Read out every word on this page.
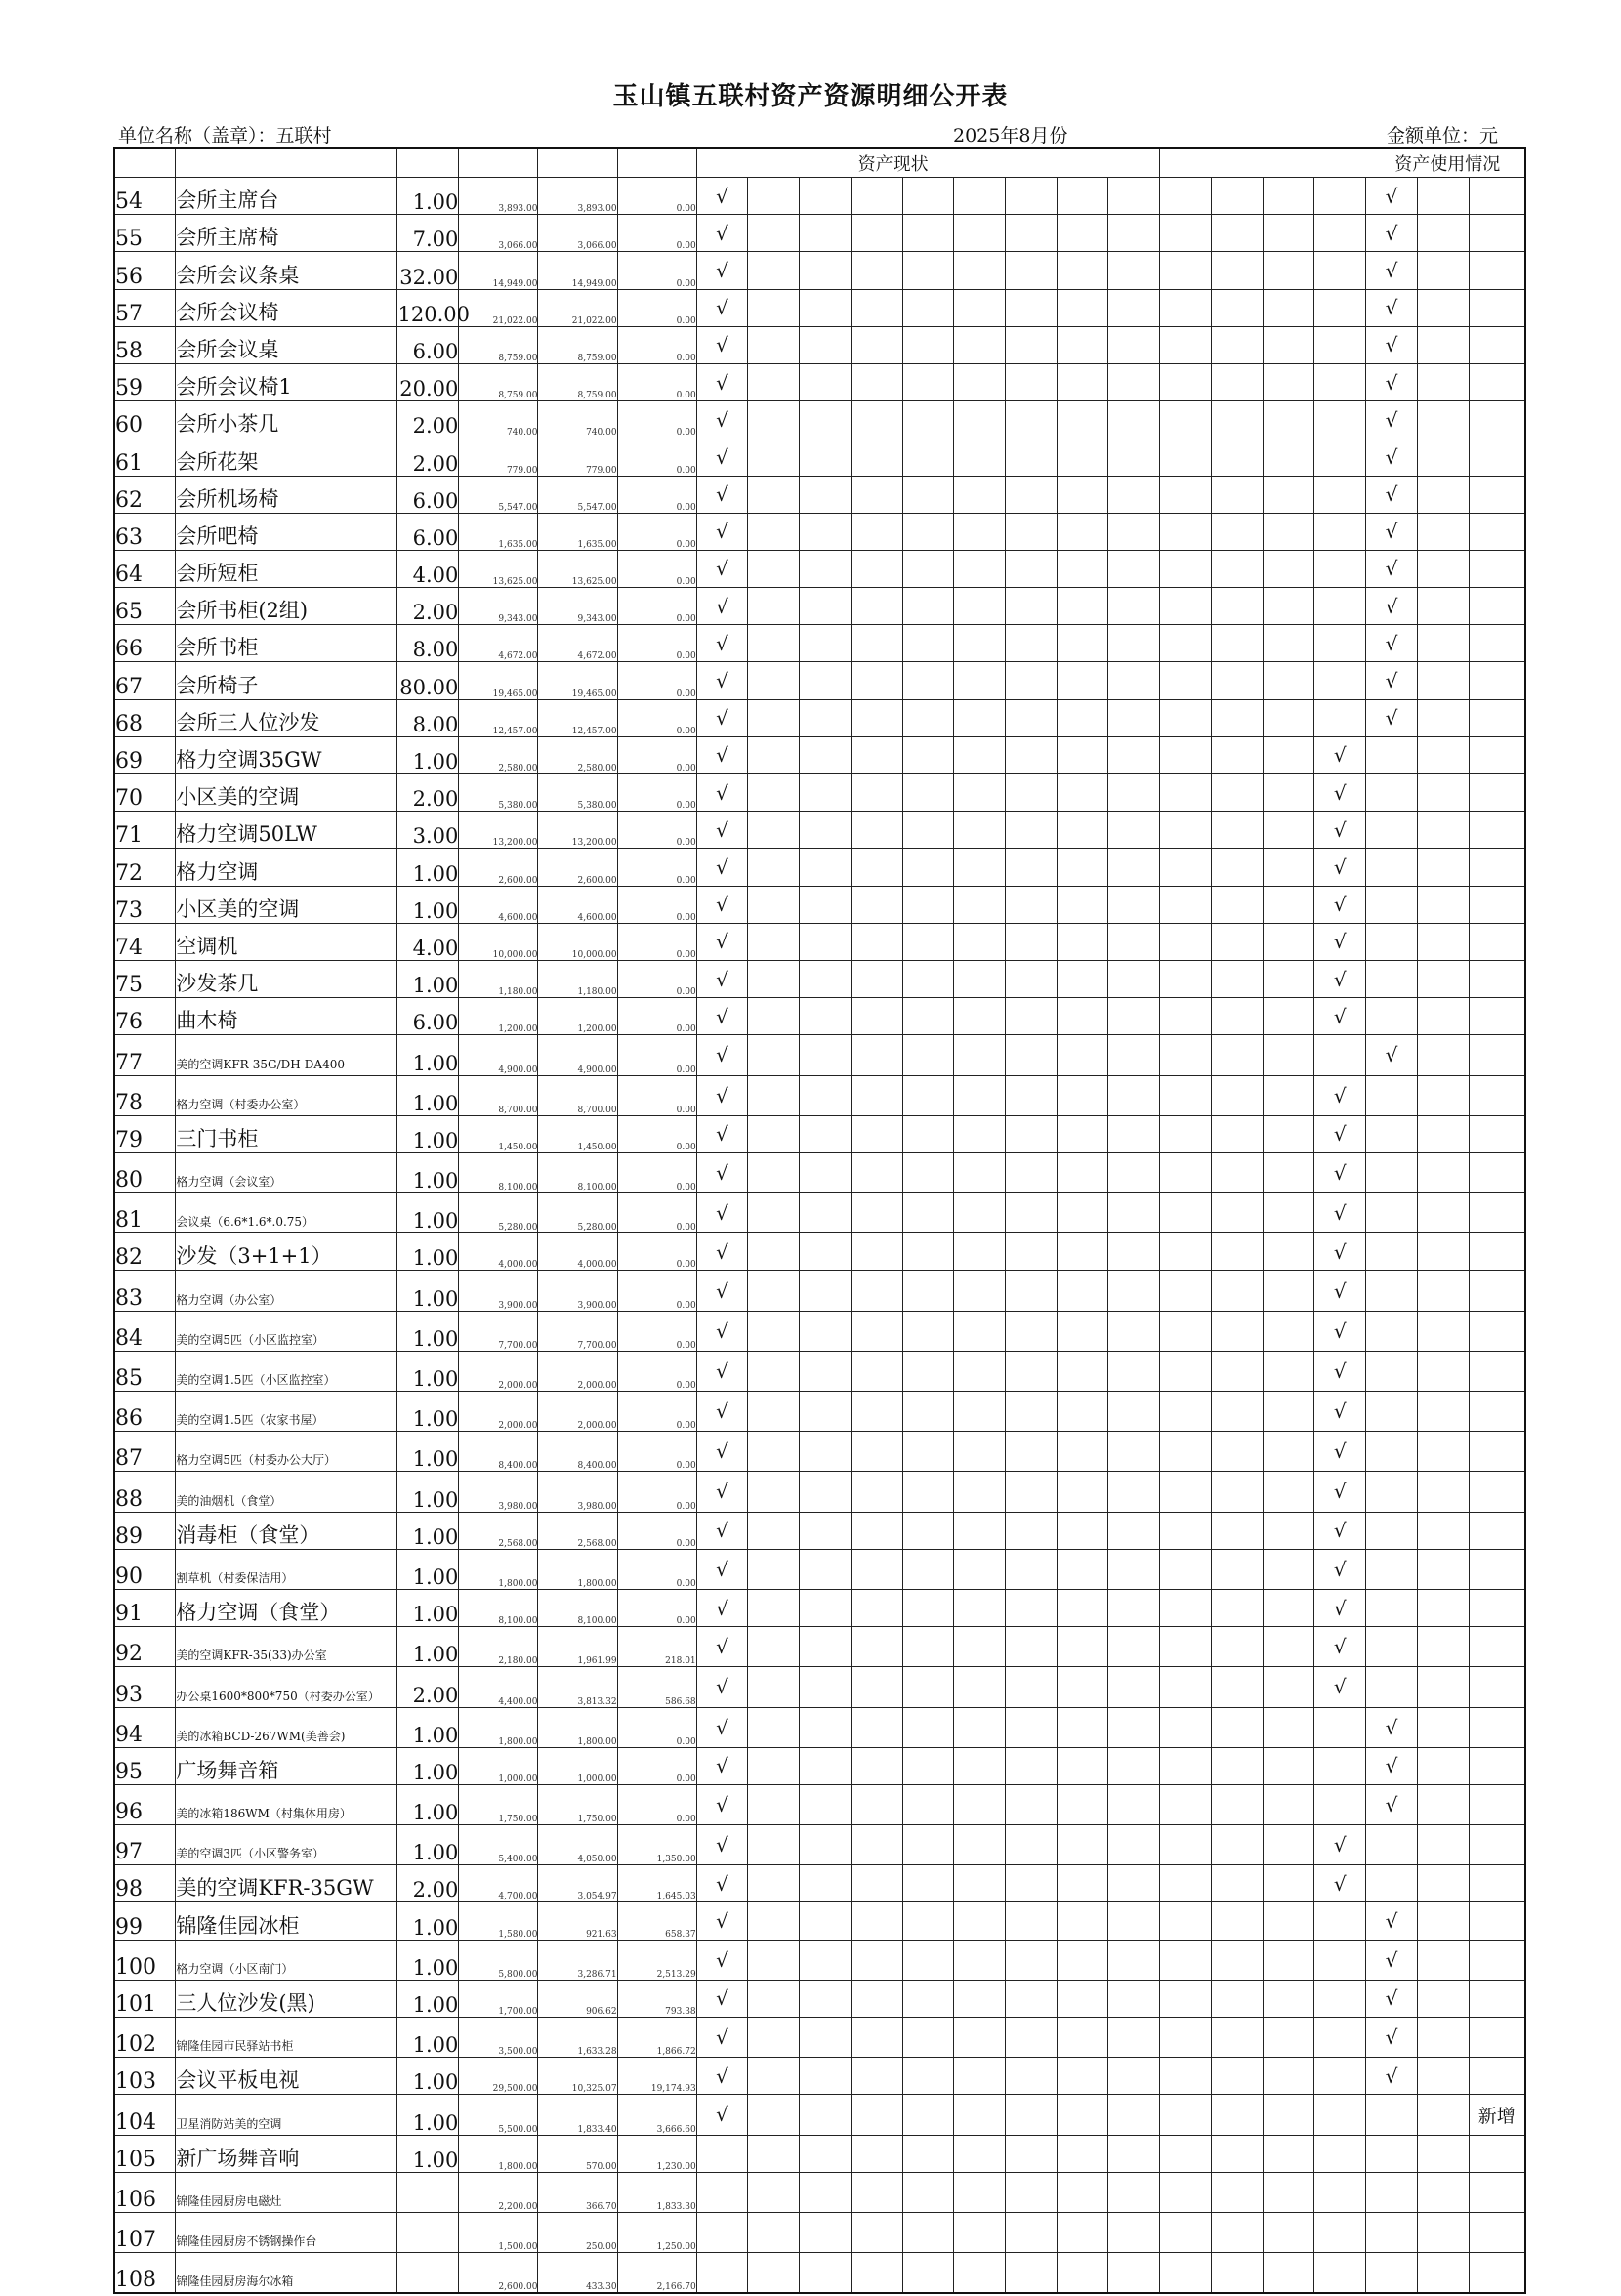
玉山镇五联村资产资源明细公开表
单位名称（盖章）：五联村	2025年8月份	金额单位：元
						资产现状									资产使用情况						
54	会所主席台	1.00	3,893.00	3,893.00	0.00	√													√		
55	会所主席椅	7.00	3,066.00	3,066.00	0.00	√													√		
56	会所会议条桌	32.00	14,949.00	14,949.00	0.00	√													√		
57	会所会议椅	120.00	21,022.00	21,022.00	0.00	√													√		
58	会所会议桌	6.00	8,759.00	8,759.00	0.00	√													√		
59	会所会议椅1	20.00	8,759.00	8,759.00	0.00	√													√		
60	会所小茶几	2.00	740.00	740.00	0.00	√													√		
61	会所花架	2.00	779.00	779.00	0.00	√													√		
62	会所机场椅	6.00	5,547.00	5,547.00	0.00	√													√		
63	会所吧椅	6.00	1,635.00	1,635.00	0.00	√													√		
64	会所短柜	4.00	13,625.00	13,625.00	0.00	√													√		
65	会所书柜(2组)	2.00	9,343.00	9,343.00	0.00	√													√		
66	会所书柜	8.00	4,672.00	4,672.00	0.00	√													√		
67	会所椅子	80.00	19,465.00	19,465.00	0.00	√													√		
68	会所三人位沙发	8.00	12,457.00	12,457.00	0.00	√													√		
69	格力空调35GW	1.00	2,580.00	2,580.00	0.00	√												√			
70	小区美的空调	2.00	5,380.00	5,380.00	0.00	√												√			
71	格力空调50LW	3.00	13,200.00	13,200.00	0.00	√												√			
72	格力空调	1.00	2,600.00	2,600.00	0.00	√												√			
73	小区美的空调	1.00	4,600.00	4,600.00	0.00	√												√			
74	空调机	4.00	10,000.00	10,000.00	0.00	√												√			
75	沙发茶几	1.00	1,180.00	1,180.00	0.00	√												√			
76	曲木椅	6.00	1,200.00	1,200.00	0.00	√												√			
77	美的空调KFR-35G/DH-DA400	1.00	4,900.00	4,900.00	0.00	√													√		
78	格力空调（村委办公室）	1.00	8,700.00	8,700.00	0.00	√												√			
79	三门书柜	1.00	1,450.00	1,450.00	0.00	√												√			
80	格力空调（会议室）	1.00	8,100.00	8,100.00	0.00	√												√			
81	会议桌（6.6*1.6*.0.75）	1.00	5,280.00	5,280.00	0.00	√												√			
82	沙发（3+1+1）	1.00	4,000.00	4,000.00	0.00	√												√			
83	格力空调（办公室）	1.00	3,900.00	3,900.00	0.00	√												√			
84	美的空调5匹（小区监控室）	1.00	7,700.00	7,700.00	0.00	√												√			
85	美的空调1.5匹（小区监控室）	1.00	2,000.00	2,000.00	0.00	√												√			
86	美的空调1.5匹（农家书屋）	1.00	2,000.00	2,000.00	0.00	√												√			
87	格力空调5匹（村委办公大厅）	1.00	8,400.00	8,400.00	0.00	√												√			
88	美的油烟机（食堂）	1.00	3,980.00	3,980.00	0.00	√												√			
89	消毒柜（食堂）	1.00	2,568.00	2,568.00	0.00	√												√			
90	割草机（村委保洁用）	1.00	1,800.00	1,800.00	0.00	√												√			
91	格力空调（食堂）	1.00	8,100.00	8,100.00	0.00	√												√			
92	美的空调KFR-35(33)办公室	1.00	2,180.00	1,961.99	218.01	√												√			
93	办公桌1600*800*750（村委办公室）	2.00	4,400.00	3,813.32	586.68	√												√			
94	美的冰箱BCD-267WM(美善会)	1.00	1,800.00	1,800.00	0.00	√													√		
95	广场舞音箱	1.00	1,000.00	1,000.00	0.00	√													√		
96	美的冰箱186WM（村集体用房）	1.00	1,750.00	1,750.00	0.00	√													√		
97	美的空调3匹（小区警务室）	1.00	5,400.00	4,050.00	1,350.00	√												√			
98	美的空调KFR-35GW	2.00	4,700.00	3,054.97	1,645.03	√												√			
99	锦隆佳园冰柜	1.00	1,580.00	921.63	658.37	√													√		
100	格力空调（小区南门）	1.00	5,800.00	3,286.71	2,513.29	√													√		
101	三人位沙发(黑)	1.00	1,700.00	906.62	793.38	√													√		
102	锦隆佳园市民驿站书柜	1.00	3,500.00	1,633.28	1,866.72	√													√		
103	会议平板电视	1.00	29,500.00	10,325.07	19,174.93	√													√		
104	卫星消防站美的空调	1.00	5,500.00	1,833.40	3,666.60	√															新增
105	新广场舞音响	1.00	1,800.00	570.00	1,230.00																
106	锦隆佳园厨房电磁灶		2,200.00	366.70	1,833.30																
107	锦隆佳园厨房不锈钢操作台		1,500.00	250.00	1,250.00																
108	锦隆佳园厨房海尔冰箱		2,600.00	433.30	2,166.70																
